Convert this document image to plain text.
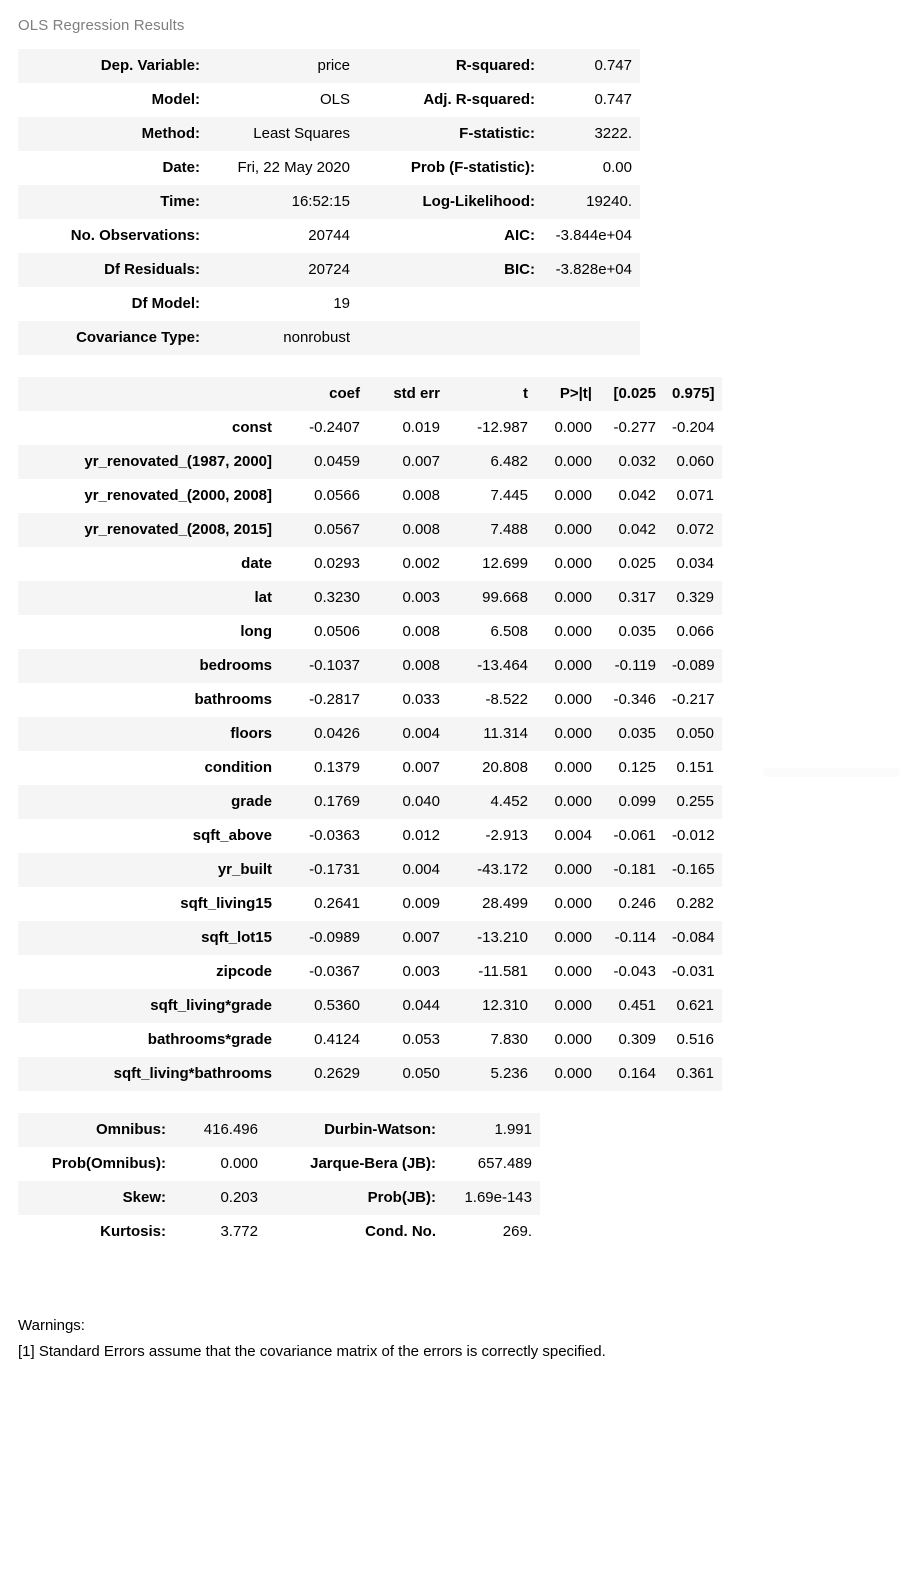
OLS Regression Results
Dep. Variable:	price	R-squared:	0.747
Model:	OLS	Adj. R-squared:	0.747
Method:	Least Squares	F-statistic:	3222.
Date:	Fri, 22 May 2020	Prob (F-statistic):	0.00
Time:	16:52:15	Log-Likelihood:	19240.
No. Observations:	20744	AIC:	-3.844e+04
Df Residuals:	20724	BIC:	-3.828e+04
Df Model:	19		
Covariance Type:	nonrobust		
	coef	std err	t	P>|t|	[0.025	0.975]
const	-0.2407	0.019	-12.987	0.000	-0.277	-0.204
yr_renovated_(1987, 2000]	0.0459	0.007	6.482	0.000	0.032	0.060
yr_renovated_(2000, 2008]	0.0566	0.008	7.445	0.000	0.042	0.071
yr_renovated_(2008, 2015]	0.0567	0.008	7.488	0.000	0.042	0.072
date	0.0293	0.002	12.699	0.000	0.025	0.034
lat	0.3230	0.003	99.668	0.000	0.317	0.329
long	0.0506	0.008	6.508	0.000	0.035	0.066
bedrooms	-0.1037	0.008	-13.464	0.000	-0.119	-0.089
bathrooms	-0.2817	0.033	-8.522	0.000	-0.346	-0.217
floors	0.0426	0.004	11.314	0.000	0.035	0.050
condition	0.1379	0.007	20.808	0.000	0.125	0.151
grade	0.1769	0.040	4.452	0.000	0.099	0.255
sqft_above	-0.0363	0.012	-2.913	0.004	-0.061	-0.012
yr_built	-0.1731	0.004	-43.172	0.000	-0.181	-0.165
sqft_living15	0.2641	0.009	28.499	0.000	0.246	0.282
sqft_lot15	-0.0989	0.007	-13.210	0.000	-0.114	-0.084
zipcode	-0.0367	0.003	-11.581	0.000	-0.043	-0.031
sqft_living*grade	0.5360	0.044	12.310	0.000	0.451	0.621
bathrooms*grade	0.4124	0.053	7.830	0.000	0.309	0.516
sqft_living*bathrooms	0.2629	0.050	5.236	0.000	0.164	0.361
Omnibus:	416.496	Durbin-Watson:	1.991
Prob(Omnibus):	0.000	Jarque-Bera (JB):	657.489
Skew:	0.203	Prob(JB):	1.69e-143
Kurtosis:	3.772	Cond. No.	269.
Warnings:
[1] Standard Errors assume that the covariance matrix of the errors is correctly specified.
